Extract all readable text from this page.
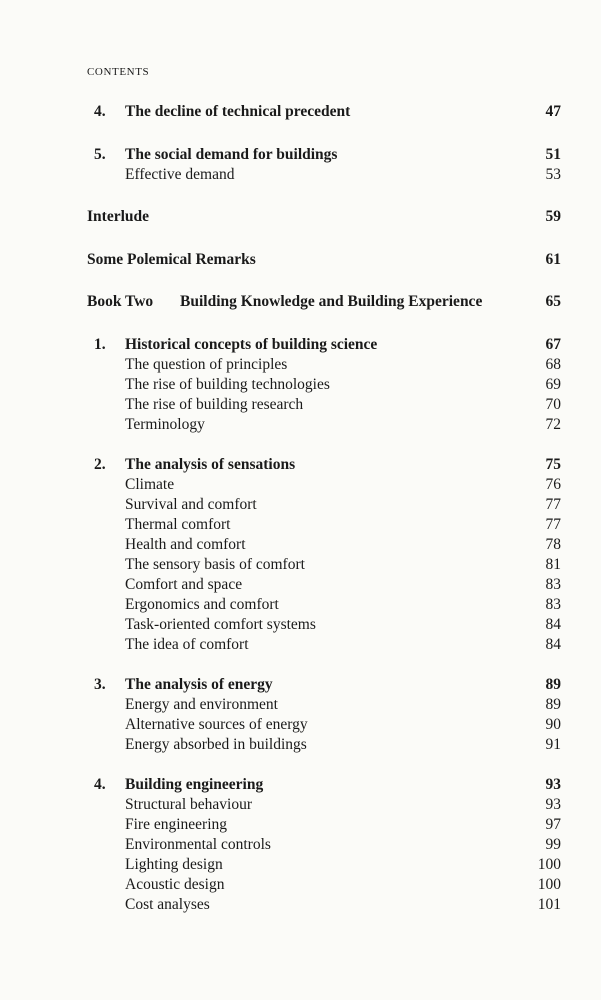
CONTENTS
4. The decline of technical precedent	47
5. The social demand for buildings	51
Effective demand	53
Interlude	59
Some Polemical Remarks	61
Book Two Building Knowledge and Building Experience	65
1. Historical concepts of building science	67
The question of principles	68
The rise of building technologies	69
The rise of building research	70
Terminology	72
2. The analysis of sensations	75
Climate	76
Survival and comfort	77
Thermal comfort	77
Health and comfort	78
The sensory basis of comfort	81
Comfort and space	83
Ergonomics and comfort	83
Task-oriented comfort systems	84
The idea of comfort	84
3. The analysis of energy	89
Energy and environment	89
Alternative sources of energy	90
Energy absorbed in buildings	91
4. Building engineering	93
Structural behaviour	93
Fire engineering	97
Environmental controls	99
Lighting design	100
Acoustic design	100
Cost analyses	101
